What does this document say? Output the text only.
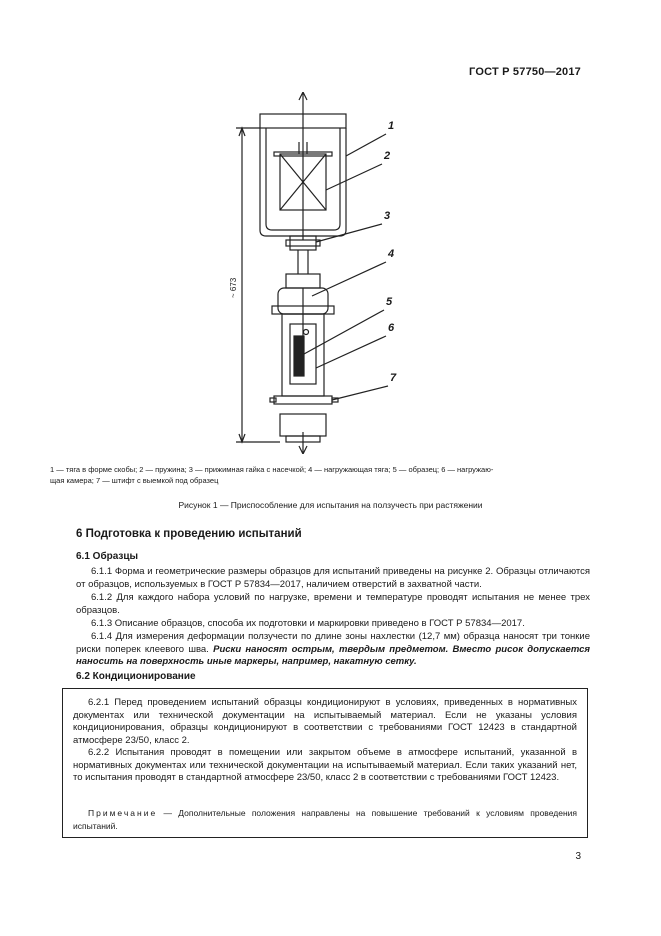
ГОСТ Р 57750—2017
1
2
3
4
5
6
7
~ 673

1 — тяга в форме скобы; 2 — пружина; 3 — прижимная гайка с насечкой; 4 — нагружающая тяга; 5 — образец; 6 — нагружаю-

щая камера; 7 — штифт с выемкой под образец

Рисунок 1 — Приспособление для испытания на ползучесть при растяжении
6 Подготовка к проведению испытаний
6.1 Образцы

6.1.1 Форма и геометрические размеры образцов для испытаний приведены на рисунке 2. Образцы отличаются от образцов, используемых в ГОСТ Р 57834—2017, наличием отверстий в захватной части.

6.1.2 Для каждого набора условий по нагрузке, времени и температуре проводят испытания не менее трех образцов.

6.1.3 Описание образцов, способа их подготовки и маркировки приведено в ГОСТ Р 57834—2017.

6.1.4 Для измерения деформации ползучести по длине зоны нахлестки (12,7 мм) образца наносят три тонкие риски поперек клеевого шва. Риски наносят острым, твердым предметом. Вместо рисок допускается наносить на поверхность иные маркеры, например, накатную сетку.

6.2 Кондиционирование

6.2.1 Перед проведением испытаний образцы кондиционируют в условиях, приведенных в нормативных документах или технической документации на испытываемый материал. Если не указаны условия кондиционирования, образцы кондиционируют в соответствии с требованиями ГОСТ 12423 в стандартной атмосфере 23/50, класс 2.

6.2.2 Испытания проводят в помещении или закрытом объеме в атмосфере испытаний, указанной в нормативных документах или технической документации на испытываемый материал. Если таких указаний нет, то испытания проводят в стандартной атмосфере 23/50, класс 2 в соответствии с требованиями ГОСТ 12423.

Примечание — Дополнительные положения направлены на повышение требований к условиям проведения испытаний.

3
